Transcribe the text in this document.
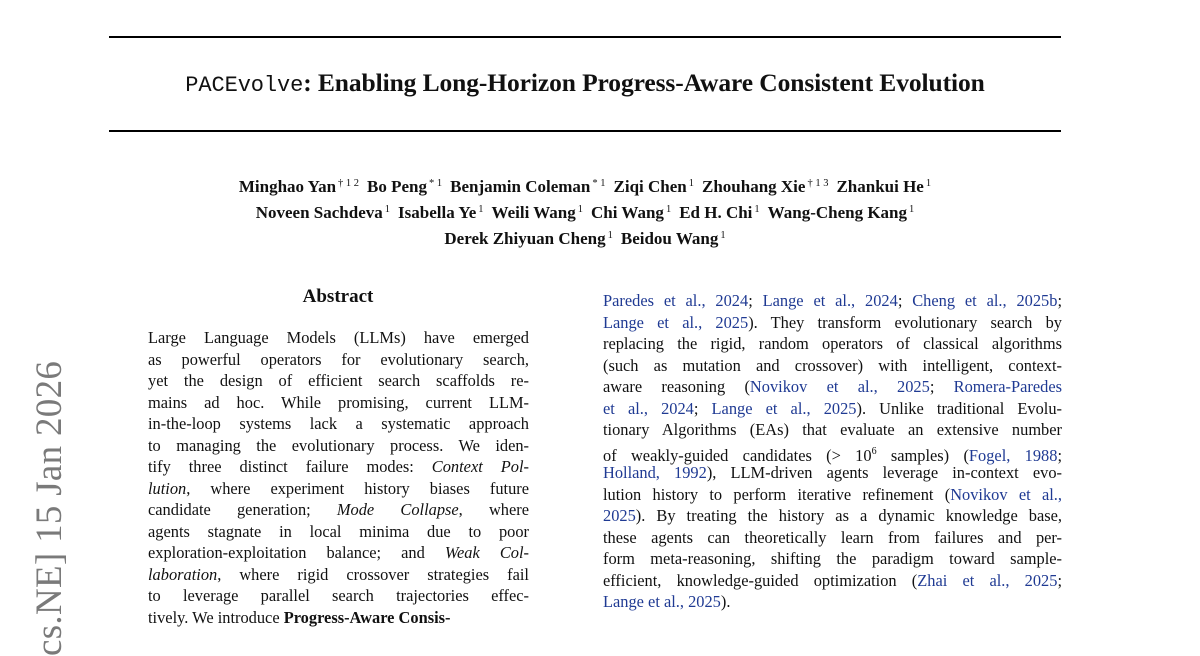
PACEvolve: Enabling Long-Horizon Progress-Aware Consistent Evolution
Minghao Yan $^{\dagger 1 2}$ Bo Peng $^{* 1}$ Benjamin Coleman $^{* 1}$ Ziqi Chen $^1$ Zhouhang Xie $^{\dagger 1 3}$ Zhankui He $^1$
Noveen Sachdeva $^1$ Isabella Ye $^1$ Weili Wang $^1$ Chi Wang $^1$ Ed H. Chi $^1$ Wang-Cheng Kang $^1$
Derek Zhiyuan Cheng $^1$ Beidou Wang $^1$
cs.NE] 15 Jan 2026
Abstract
Large Language Models (LLMs) have emerged
as powerful operators for evolutionary search,
yet the design of efficient search scaffolds re-
mains ad hoc. While promising, current LLM-
in-the-loop systems lack a systematic approach
to managing the evolutionary process. We iden-
tify three distinct failure modes: Context Pol-
lution, where experiment history biases future
candidate generation; Mode Collapse, where
agents stagnate in local minima due to poor
exploration-exploitation balance; and Weak Col-
laboration, where rigid crossover strategies fail
to leverage parallel search trajectories effec-
tively. We introduce Progress-Aware Consis-
Paredes et al., 2024; Lange et al., 2024; Cheng et al., 2025b;
Lange et al., 2025). They transform evolutionary search by
replacing the rigid, random operators of classical algorithms
(such as mutation and crossover) with intelligent, context-
aware reasoning (Novikov et al., 2025; Romera-Paredes
et al., 2024; Lange et al., 2025). Unlike traditional Evolu-
tionary Algorithms (EAs) that evaluate an extensive number
of weakly-guided candidates (> $10^6$ samples) (Fogel, 1988;
Holland, 1992), LLM-driven agents leverage in-context evo-
lution history to perform iterative refinement (Novikov et al.,
2025). By treating the history as a dynamic knowledge base,
these agents can theoretically learn from failures and per-
form meta-reasoning, shifting the paradigm toward sample-
efficient, knowledge-guided optimization (Zhai et al., 2025;
Lange et al., 2025).
